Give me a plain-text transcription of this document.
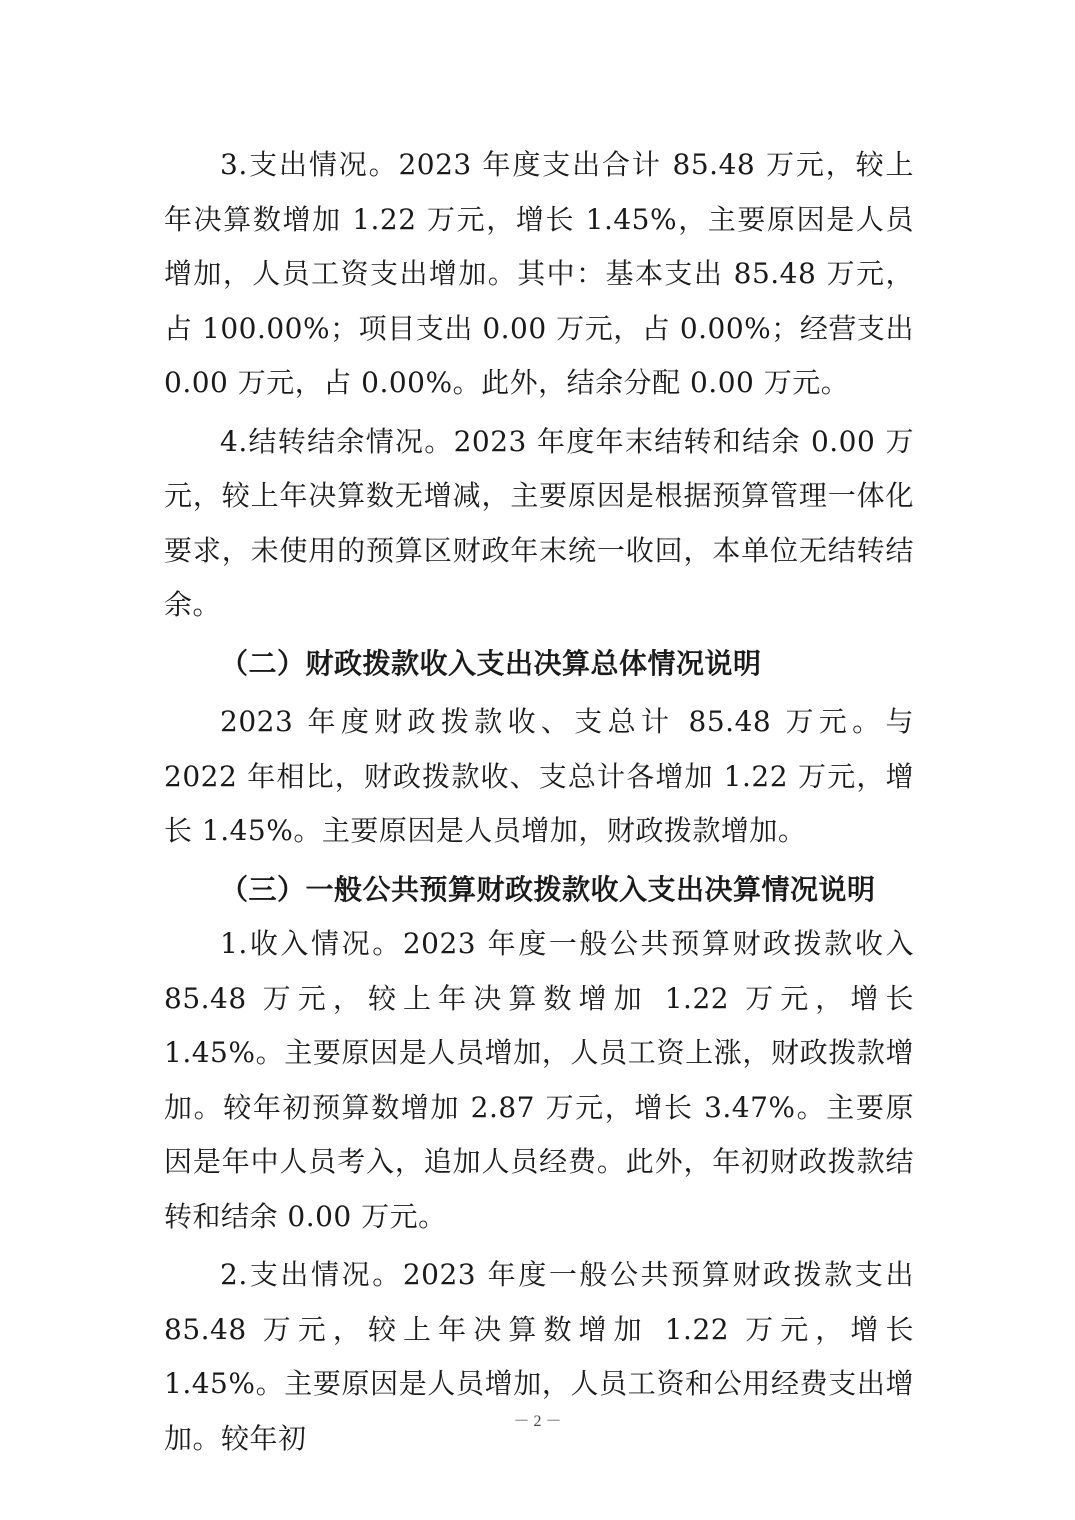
3.支出情况。2023 年度支出合计 85.48 万元，较上年决算数增加 1.22 万元，增长 1.45%，主要原因是人员增加，人员工资支出增加。其中：基本支出 85.48 万元，占 100.00%；项目支出 0.00 万元，占 0.00%；经营支出 0.00 万元，占 0.00%。此外，结余分配 0.00 万元。

4.结转结余情况。2023 年度年末结转和结余 0.00 万元，较上年决算数无增减，主要原因是根据预算管理一体化要求，未使用的预算区财政年末统一收回，本单位无结转结余。

（二）财政拨款收入支出决算总体情况说明

2023 年度财政拨款收、支总计 85.48 万元。与 2022 年相比，财政拨款收、支总计各增加 1.22 万元，增长 1.45%。主要原因是人员增加，财政拨款增加。

（三）一般公共预算财政拨款收入支出决算情况说明

1.收入情况。2023 年度一般公共预算财政拨款收入 85.48 万元，较上年决算数增加 1.22 万元，增长 1.45%。主要原因是人员增加，人员工资上涨，财政拨款增加。较年初预算数增加 2.87 万元，增长 3.47%。主要原因是年中人员考入，追加人员经费。此外，年初财政拨款结转和结余 0.00 万元。

2.支出情况。2023 年度一般公共预算财政拨款支出 85.48 万元，较上年决算数增加 1.22 万元，增长 1.45%。主要原因是人员增加，人员工资和公用经费支出增加。较年初	－ 2 －
